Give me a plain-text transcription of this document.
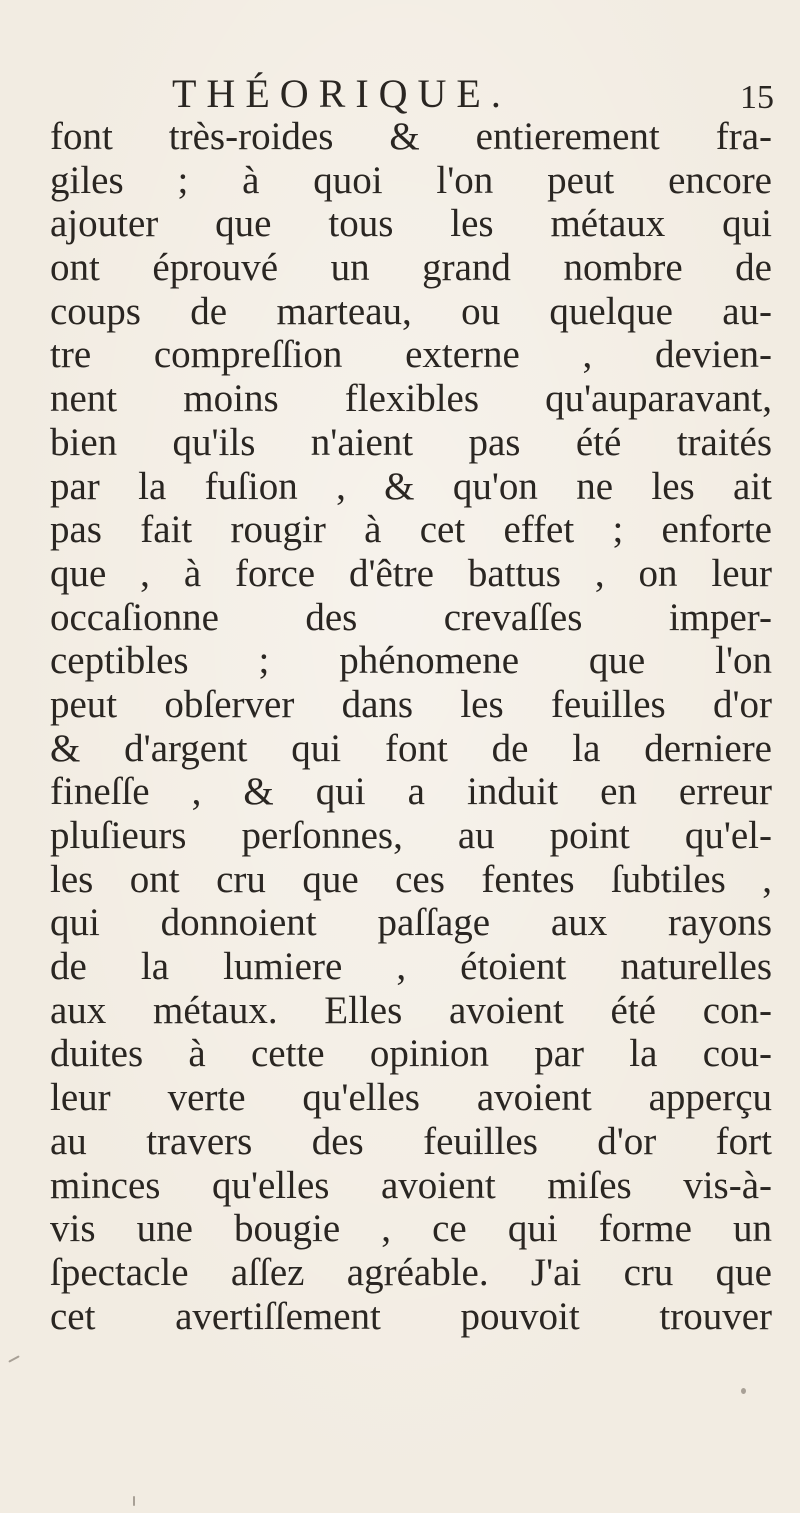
THÉORIQUE.	15
font très-roides & entierement fra-
giles ; à quoi l'on peut encore
ajouter que tous les métaux qui
ont éprouvé un grand nombre de
coups de marteau, ou quelque au-
tre compreſſion externe , devien-
nent moins flexibles qu'auparavant,
bien qu'ils n'aient pas été traités
par la fuſion , & qu'on ne les ait
pas fait rougir à cet effet ; enforte
que , à force d'être battus , on leur
occaſionne des crevaſſes imper-
ceptibles ; phénomene que l'on
peut obſerver dans les feuilles d'or
& d'argent qui font de la derniere
fineſſe , & qui a induit en erreur
pluſieurs perſonnes, au point qu'el-
les ont cru que ces fentes ſubtiles ,
qui donnoient paſſage aux rayons
de la lumiere , étoient naturelles
aux métaux. Elles avoient été con-
duites à cette opinion par la cou-
leur verte qu'elles avoient apperçu
au travers des feuilles d'or fort
minces qu'elles avoient miſes vis-à-
vis une bougie , ce qui forme un
ſpectacle aſſez agréable. J'ai cru que
cet avertiſſement pouvoit trouver
